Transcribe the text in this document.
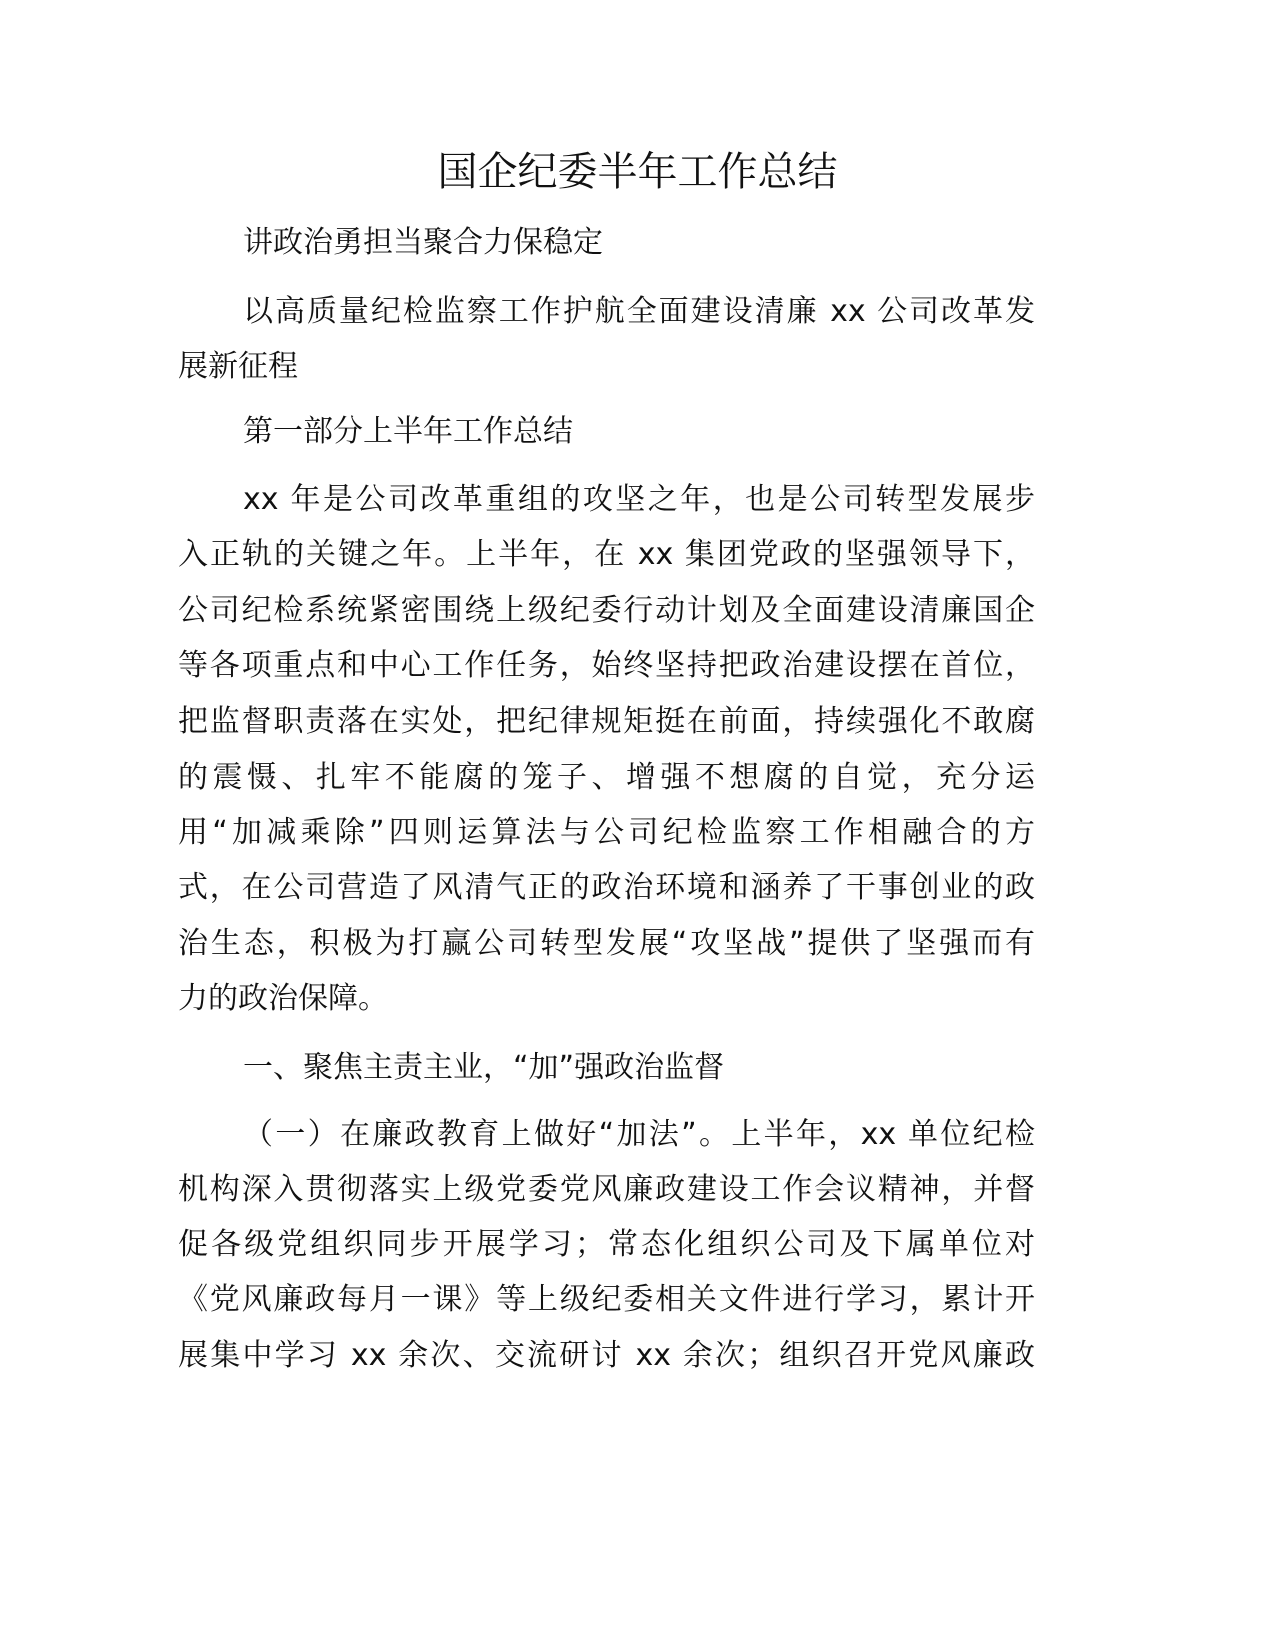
国企纪委半年工作总结
讲政治勇担当聚合力保稳定
以高质量纪检监察工作护航全面建设清廉 xx 公司改革发
展新征程
第一部分上半年工作总结
xx 年是公司改革重组的攻坚之年，也是公司转型发展步
入正轨的关键之年。上半年，在 xx 集团党政的坚强领导下，
公司纪检系统紧密围绕上级纪委行动计划及全面建设清廉国企
等各项重点和中心工作任务，始终坚持把政治建设摆在首位，
把监督职责落在实处，把纪律规矩挺在前面，持续强化不敢腐
的震慑、扎牢不能腐的笼子、增强不想腐的自觉，充分运
用“加减乘除”四则运算法与公司纪检监察工作相融合的方
式，在公司营造了风清气正的政治环境和涵养了干事创业的政
治生态，积极为打赢公司转型发展“攻坚战”提供了坚强而有
力的政治保障。
一、聚焦主责主业，“加”强政治监督
（一）在廉政教育上做好“加法”。上半年，xx 单位纪检
机构深入贯彻落实上级党委党风廉政建设工作会议精神，并督
促各级党组织同步开展学习；常态化组织公司及下属单位对
《党风廉政每月一课》等上级纪委相关文件进行学习，累计开
展集中学习 xx 余次、交流研讨 xx 余次；组织召开党风廉政
